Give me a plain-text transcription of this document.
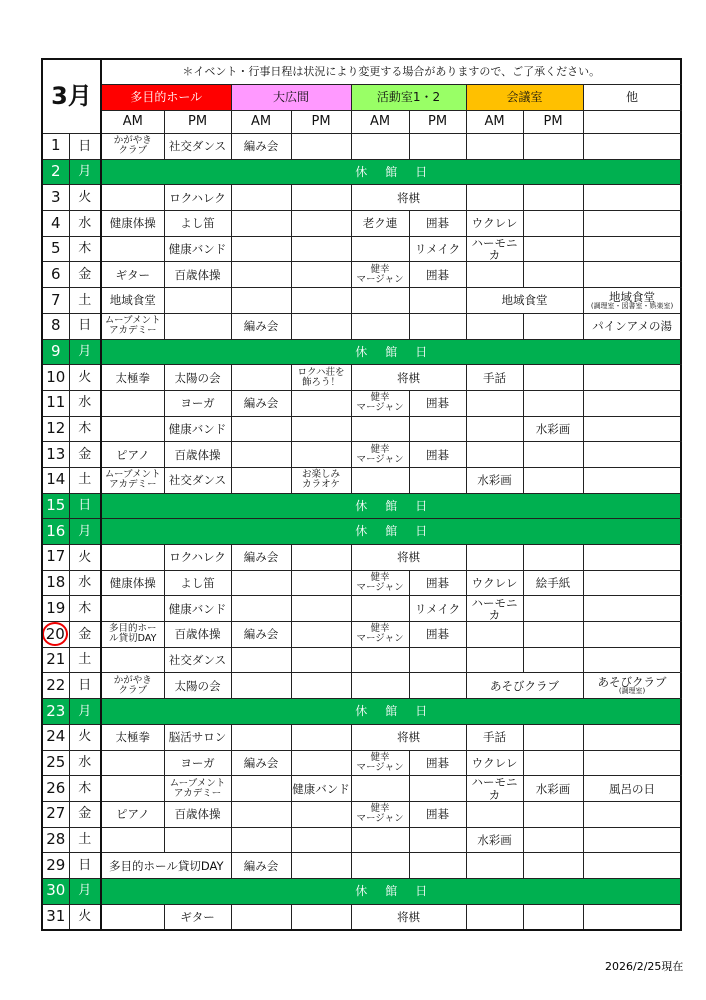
3月		＊イベント・行事日程は状況により変更する場合がありますので、ご了承ください。									
		多目的ホール		大広間		活動室1・2		会議室		他	
		AM	PM	AM	PM	AM	PM	AM	PM		
1	日	かがやき
クラブ	社交ダンス	編み会							
2	月	休館日									
3	火		ロクハレク			将棋					
4	水	健康体操	よし笛			老ク連	囲碁	ウクレレ			
5	木		健康バンド				リメイク	ハーモニカ			
6	金	ギター	百歳体操			健幸
マージャン	囲碁				
7	土	地域食堂						地域食堂		地域食堂
(調理室・図書室・娯楽室)	

8	日	ムーブメント
アカデミー		編み会						パインアメの湯	
9	月	休館日									
10	火	太極拳	太陽の会		ロクハ荘を
飾ろう！	将棋		手話			
11	水		ヨーガ	編み会		健幸
マージャン	囲碁				
12	木		健康バンド						水彩画		
13	金	ピアノ	百歳体操			健幸
マージャン	囲碁				
14	土	ムーブメント
アカデミー	社交ダンス		お楽しみ
カラオケ			水彩画			
15	日	休館日									
16	月	休館日									
17	火		ロクハレク	編み会		将棋					
18	水	健康体操	よし笛			健幸
マージャン	囲碁	ウクレレ	絵手紙		
19	木		健康バンド				リメイク	ハーモニカ			
20	金	多目的ホー
ル貸切DAY	百歳体操	編み会		健幸
マージャン	囲碁				
21	土		社交ダンス								
22	日	かがやき
クラブ	太陽の会					あそびクラブ		あそびクラブ
(調理室)	

23	月	休館日									
24	火	太極拳	脳活サロン			将棋		手話			
25	水		ヨーガ	編み会		健幸
マージャン	囲碁	ウクレレ			
26	木		ムーブメント
アカデミー		健康バンド			ハーモニカ	水彩画	風呂の日	
27	金	ピアノ	百歳体操			健幸
マージャン	囲碁				
28	土							水彩画			
29	日	多目的ホール貸切DAY		編み会							
30	月	休館日									
31	火		ギター			将棋					
2026/2/25現在
